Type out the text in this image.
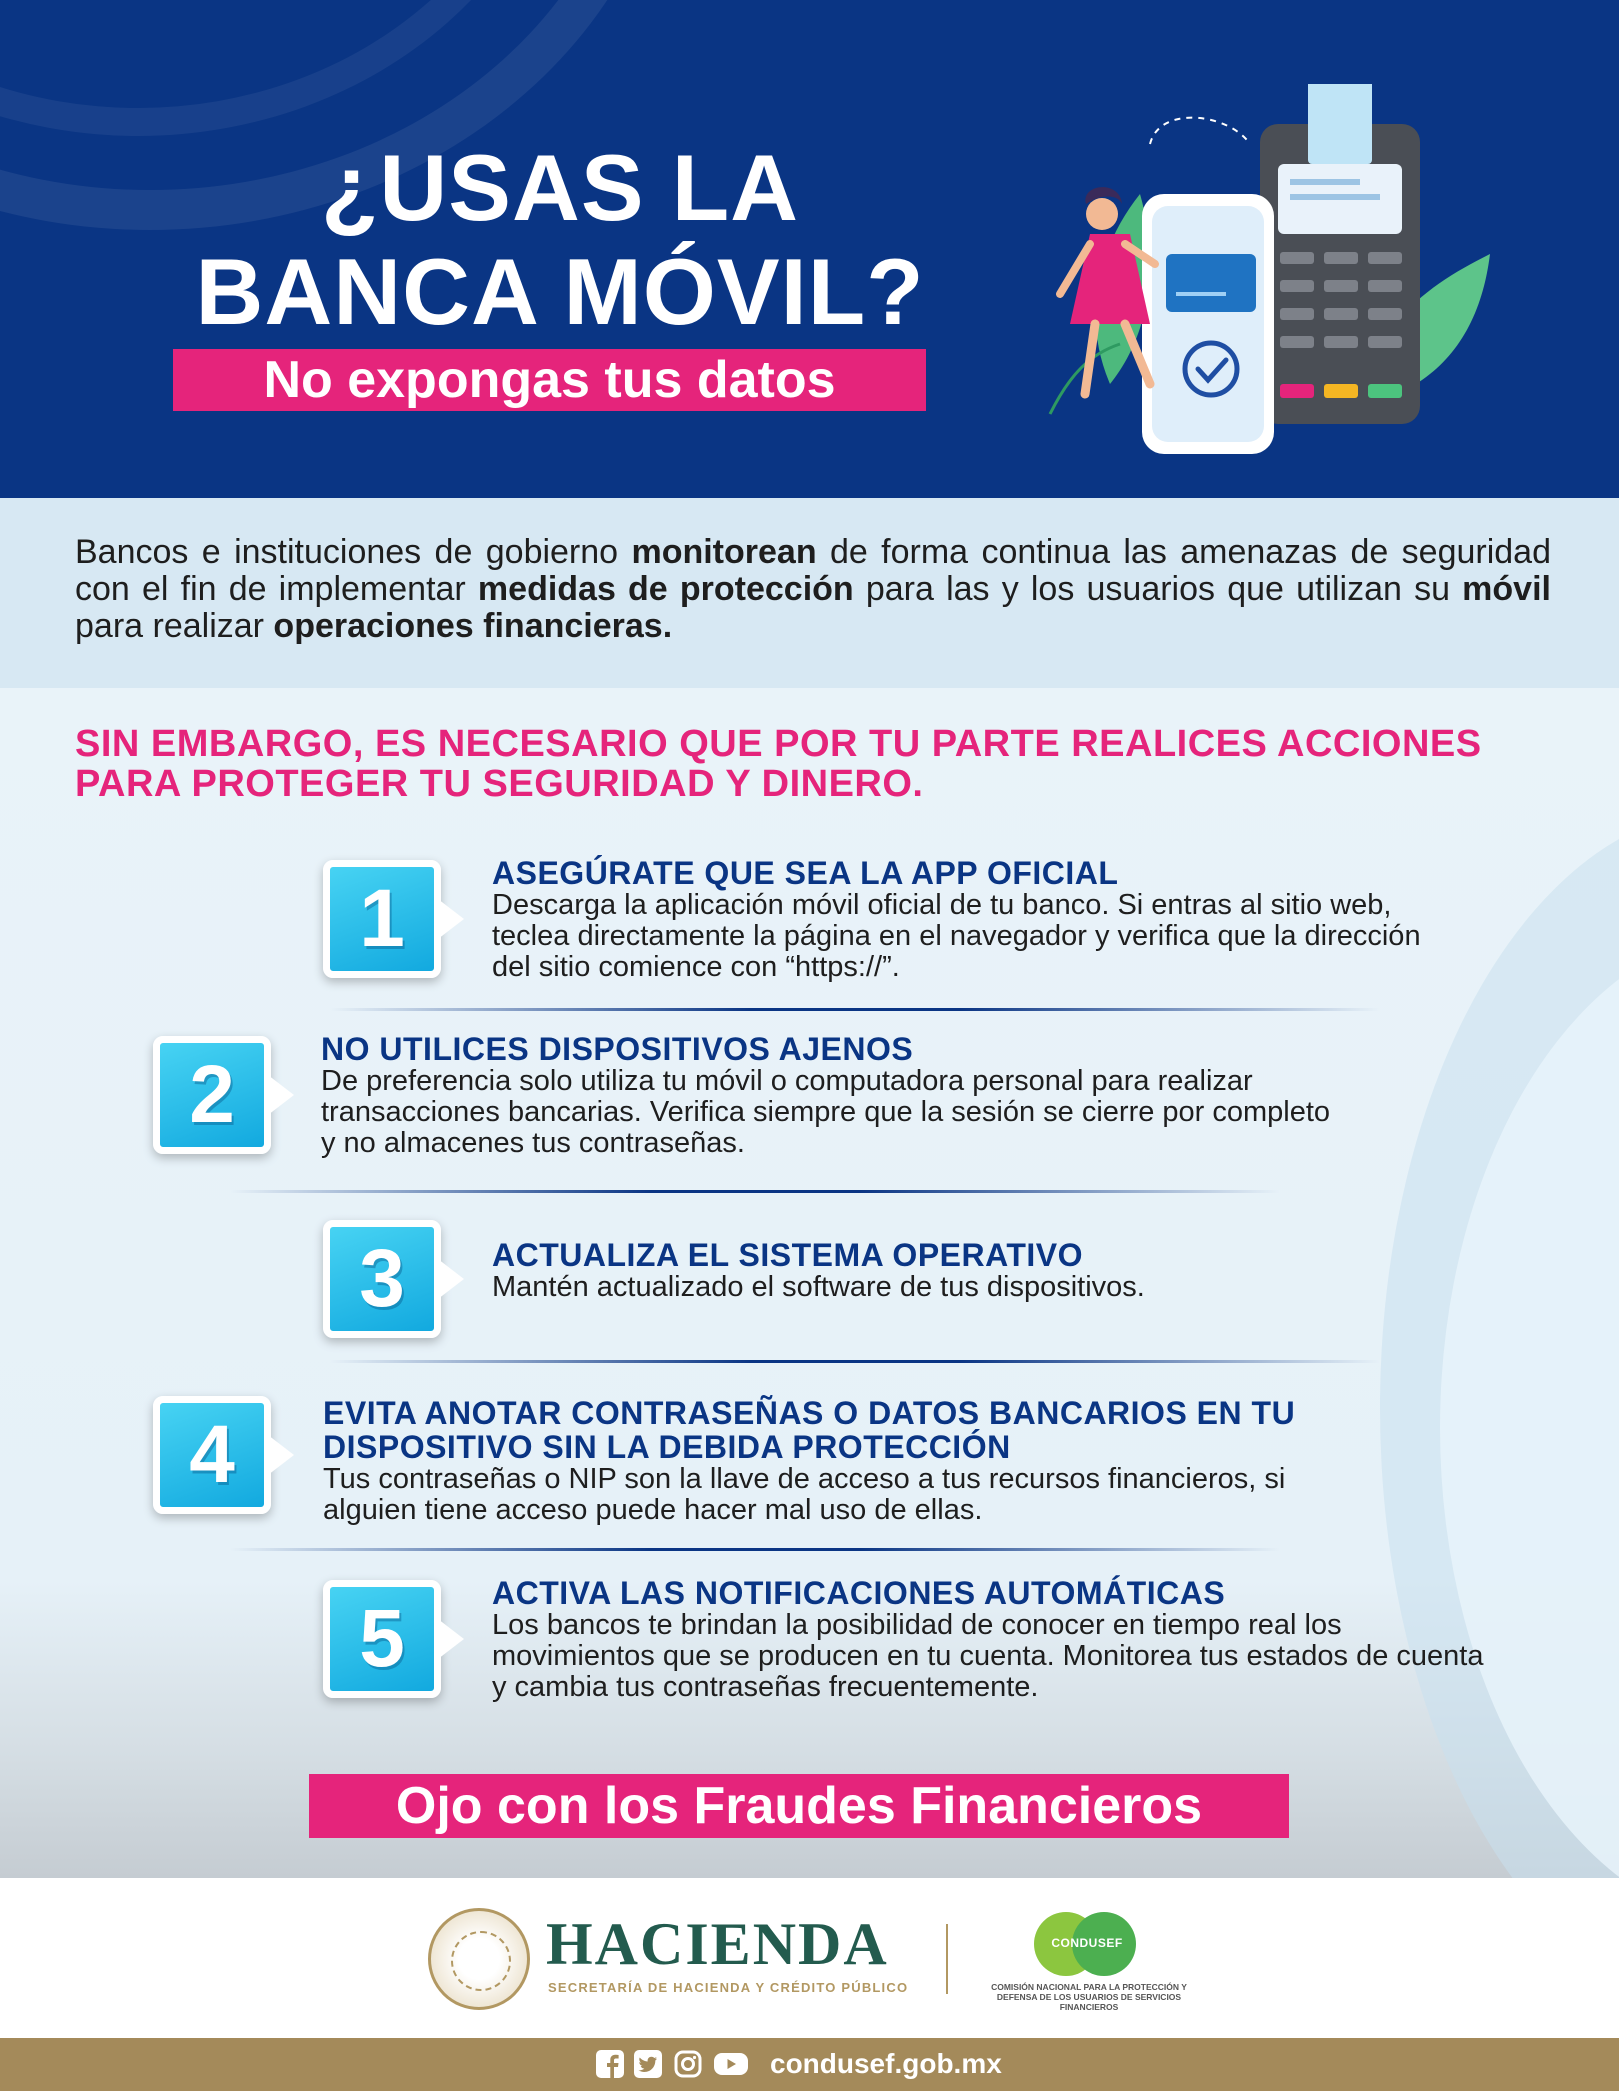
¿USAS LA
BANCA MÓVIL?
No expongas tus datos

Bancos e instituciones de gobierno monitorean de forma continua las amenazas de seguridad con el fin de implementar medidas de protección para las y los usuarios que utilizan su móvil para realizar operaciones financieras.

SIN EMBARGO, ES NECESARIO QUE POR TU PARTE REALICES ACCIONES
PARA PROTEGER TU SEGURIDAD Y DINERO.

1	ASEGÚRATE QUE SEA LA APP OFICIAL

Descarga la aplicación móvil oficial de tu banco. Si entras al sitio web, teclea directamente la página en el navegador y verifica que la dirección del sitio comience con “https://”.

2	NO UTILICES DISPOSITIVOS AJENOS

De preferencia solo utiliza tu móvil o computadora personal para realizar transacciones bancarias. Verifica siempre que la sesión se cierre por completo y no almacenes tus contraseñas.

3	ACTUALIZA EL SISTEMA OPERATIVO

Mantén actualizado el software de tus dispositivos.

4	EVITA ANOTAR CONTRASEÑAS O DATOS BANCARIOS EN TU DISPOSITIVO SIN LA DEBIDA PROTECCIÓN

Tus contraseñas o NIP son la llave de acceso a tus recursos financieros, si alguien tiene acceso puede hacer mal uso de ellas.

5	ACTIVA LAS NOTIFICACIONES AUTOMÁTICAS

Los bancos te brindan la posibilidad de conocer en tiempo real los movimientos que se producen en tu cuenta. Monitorea tus estados de cuenta y cambia tus contraseñas frecuentemente.

Ojo con los Fraudes Financieros

HACIENDA

SECRETARÍA DE HACIENDA Y CRÉDITO PÚBLICO

CONDUSEF

COMISIÓN NACIONAL PARA LA PROTECCIÓN Y DEFENSA DE LOS USUARIOS DE SERVICIOS FINANCIEROS

condusef.gob.mx
